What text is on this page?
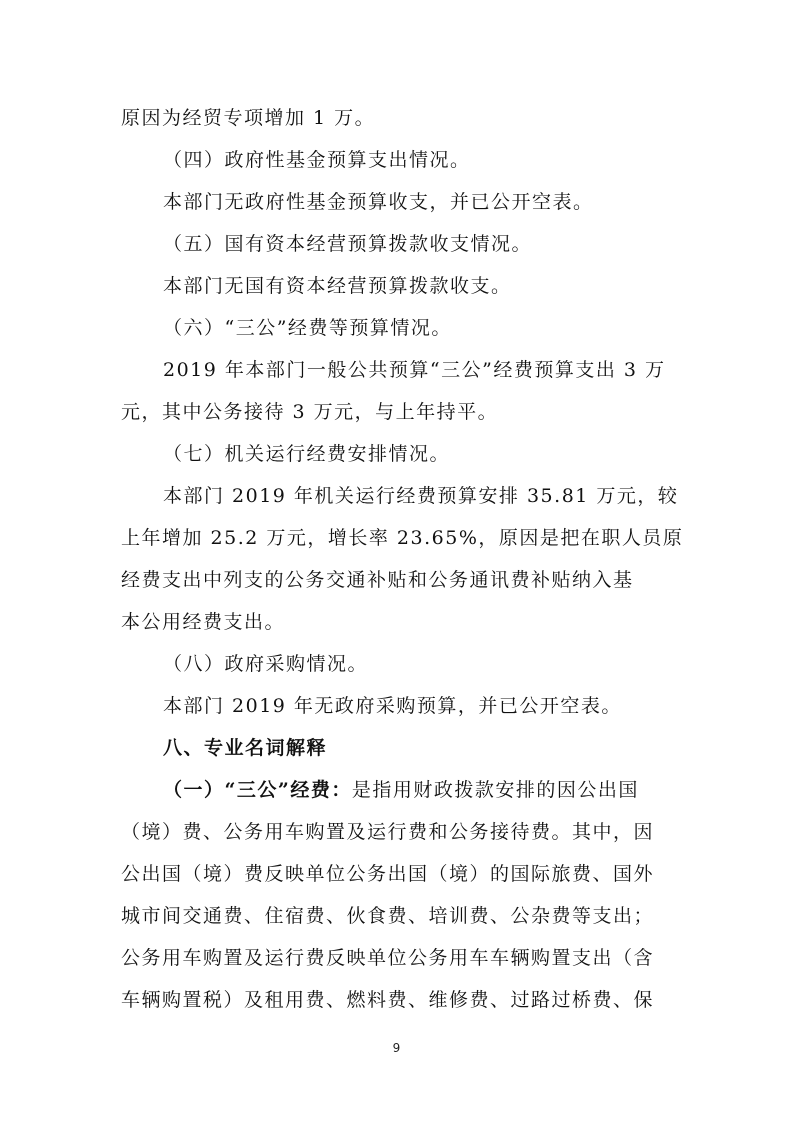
原因为经贸专项增加 1 万。
（四）政府性基金预算支出情况。
本部门无政府性基金预算收支，并已公开空表。
（五）国有资本经营预算拨款收支情况。
本部门无国有资本经营预算拨款收支。
（六）“三公”经费等预算情况。
2019 年本部门一般公共预算“三公”经费预算支出 3 万
元，其中公务接待 3 万元，与上年持平。
（七）机关运行经费安排情况。
本部门 2019 年机关运行经费预算安排 35.81 万元，较
上年增加 25.2 万元，增长率 23.65%，原因是把在职人员原
经费支出中列支的公务交通补贴和公务通讯费补贴纳入基
本公用经费支出。
（八）政府采购情况。
本部门 2019 年无政府采购预算，并已公开空表。
八、专业名词解释
（一）“三公”经费：是指用财政拨款安排的因公出国
（境）费、公务用车购置及运行费和公务接待费。其中，因
公出国（境）费反映单位公务出国（境）的国际旅费、国外
城市间交通费、住宿费、伙食费、培训费、公杂费等支出；
公务用车购置及运行费反映单位公务用车车辆购置支出（含
车辆购置税）及租用费、燃料费、维修费、过路过桥费、保
9
